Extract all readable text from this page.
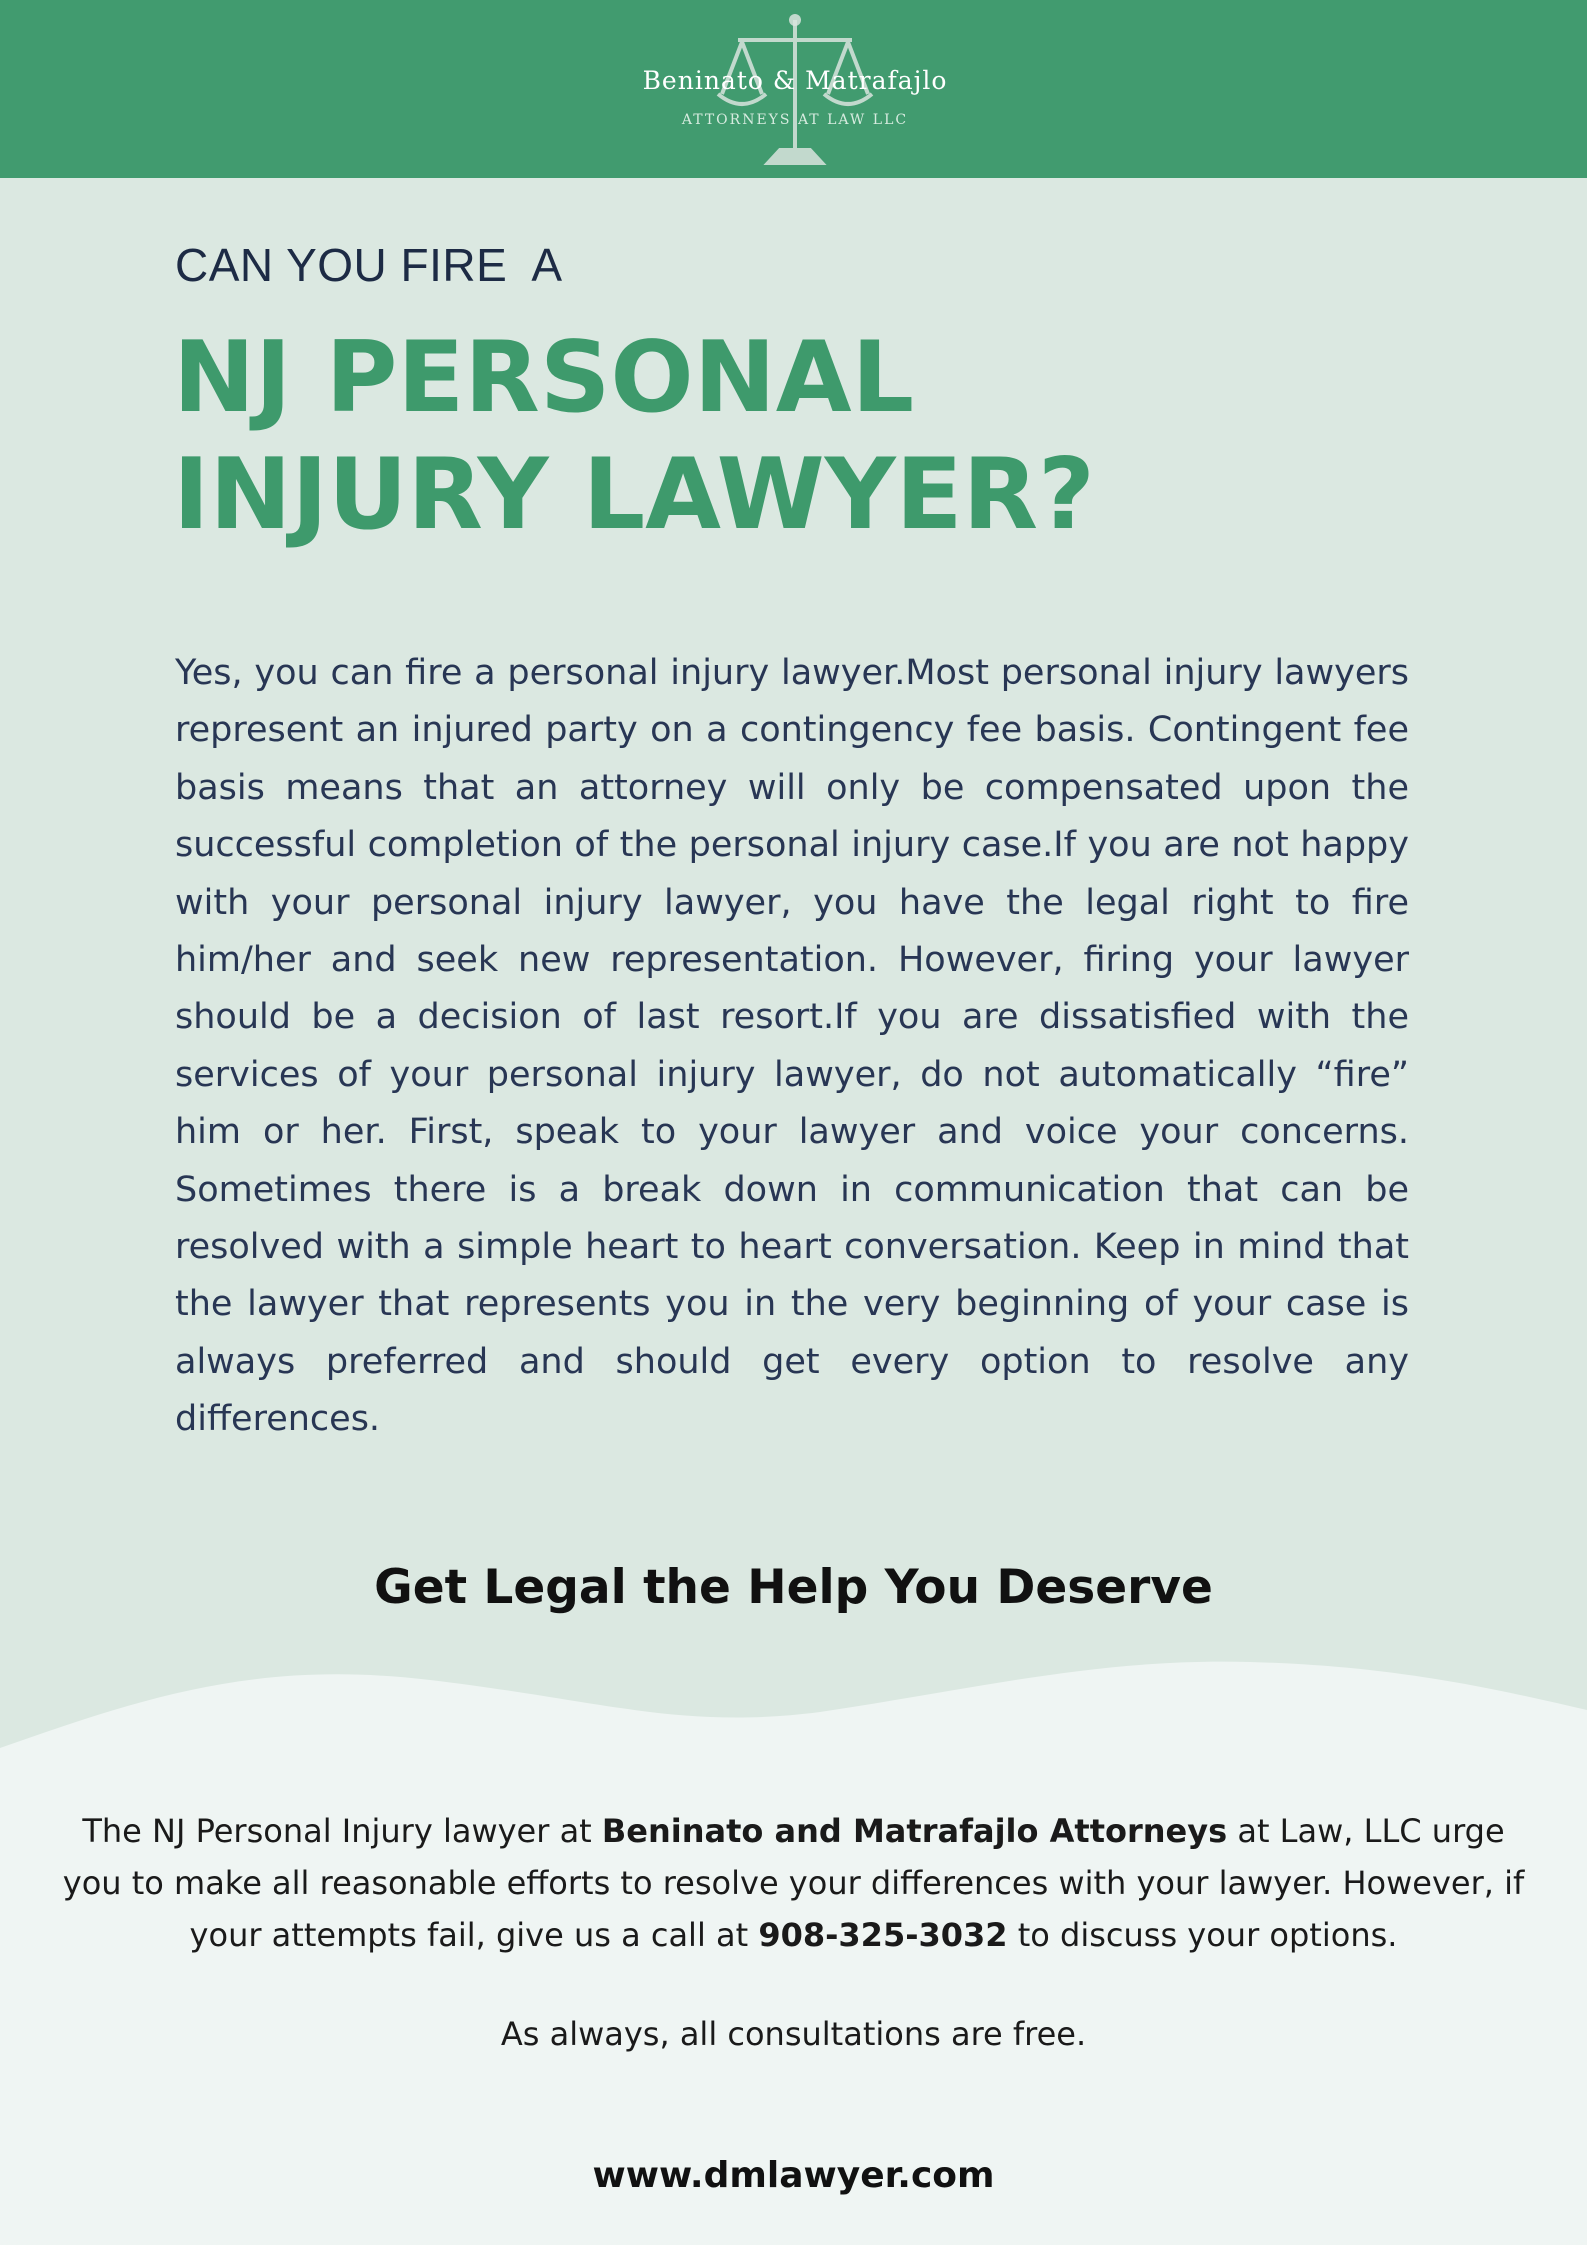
Beninato & Matrafajlo
ATTORNEYS AT LAW LLC
CAN YOU FIRE  A
NJ PERSONAL
INJURY LAWYER?

Yes, you can fire a personal injury lawyer.Most personal injury lawyers represent an injured party on a contingency fee basis. Contingent fee basis means that an attorney will only be compensated upon the successful completion of the personal injury case.If you are not happy with your personal injury lawyer, you have the legal right to fire him/her and seek new representation. However, firing your lawyer should be a decision of last resort.If you are dissatisfied with the services of your personal injury lawyer, do not automatically “fire” him or her. First, speak to your lawyer and voice your concerns. Sometimes there is a break down in communication that can be resolved with a simple heart to heart conversation. Keep in mind that the lawyer that represents you in the very beginning of your case is always preferred and should get every option to resolve any differences.

Get Legal the Help You Deserve

The NJ Personal Injury lawyer at Beninato and Matrafajlo Attorneys at Law, LLC urge you to make all reasonable efforts to resolve your differences with your lawyer. However, if your attempts fail, give us a call at 908-325-3032 to discuss your options.

As always, all consultations are free.
www.dmlawyer.com
